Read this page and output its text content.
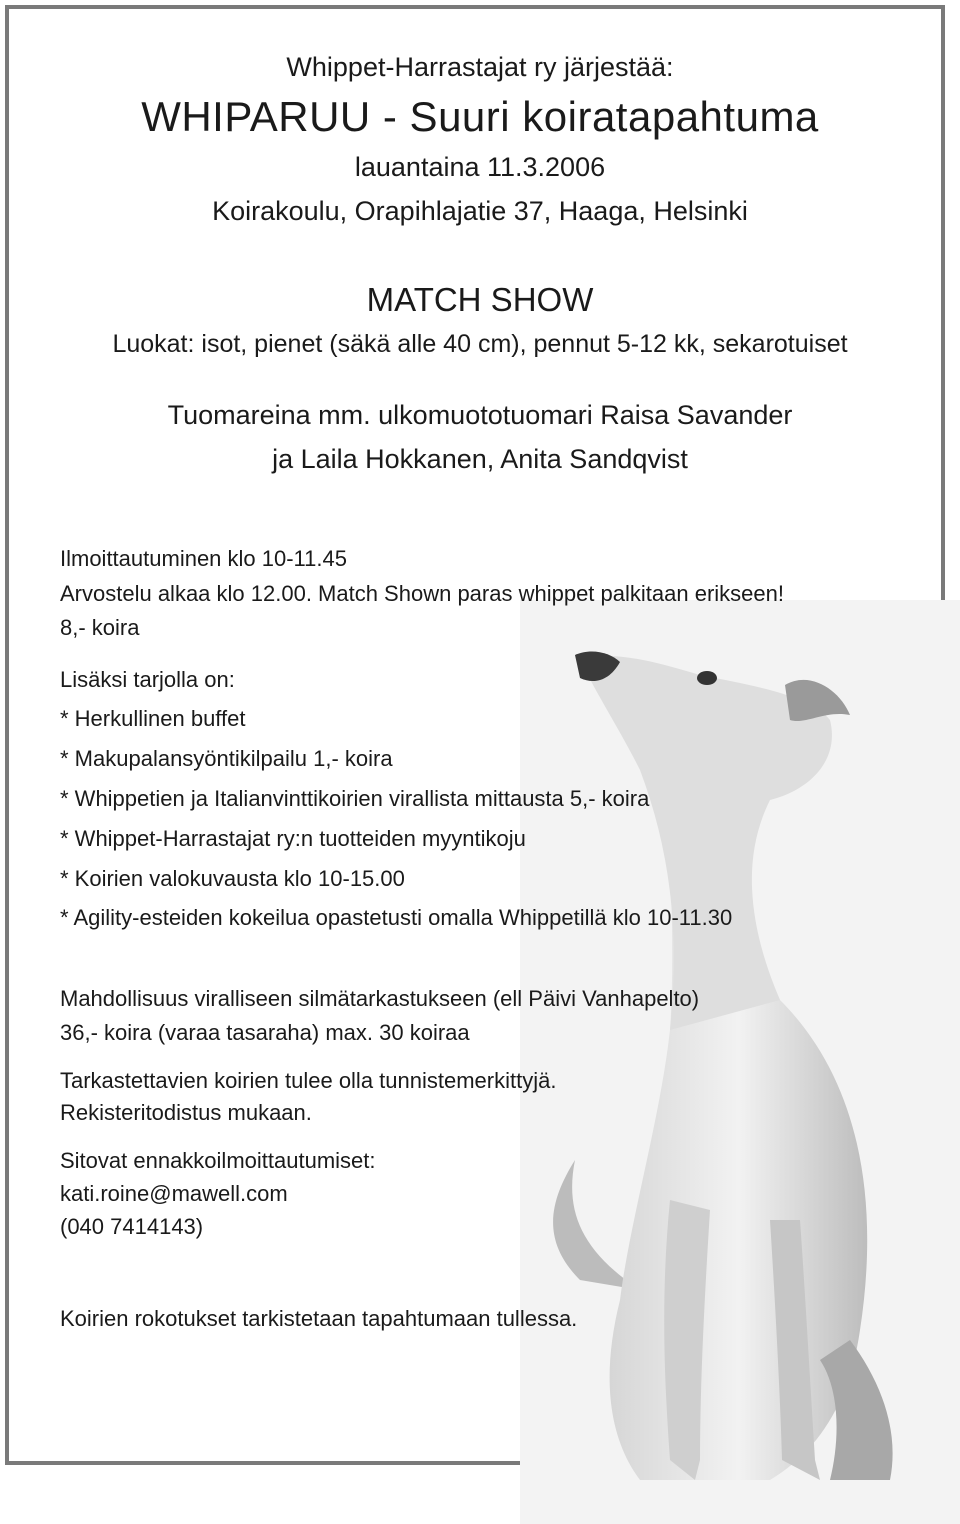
Whippet-Harrastajat ry järjestää:
WHIPARUU - Suuri koiratapahtuma
lauantaina 11.3.2006
Koirakoulu, Orapihlajatie 37, Haaga, Helsinki
MATCH SHOW
Luokat: isot, pienet (säkä alle 40 cm), pennut 5-12 kk, sekarotuiset
Tuomareina mm. ulkomuototuomari Raisa Savander
ja Laila Hokkanen, Anita Sandqvist
Ilmoittautuminen klo 10-11.45
Arvostelu alkaa klo 12.00. Match Shown paras whippet palkitaan erikseen!
8,- koira
Lisäksi tarjolla on:
* Herkullinen buffet
* Makupalansyöntikilpailu 1,- koira
* Whippetien ja Italianvinttikoirien virallista mittausta 5,- koira
* Whippet-Harrastajat ry:n tuotteiden myyntikoju
* Koirien valokuvausta klo 10-15.00
* Agility-esteiden kokeilua opastetusti omalla Whippetillä klo 10-11.30
Mahdollisuus viralliseen silmätarkastukseen (ell Päivi Vanhapelto)
36,- koira (varaa tasaraha) max. 30 koiraa
Tarkastettavien koirien tulee olla tunnistemerkittyjä.
Rekisteritodistus mukaan.
Sitovat ennakkoilmoittautumiset:
kati.roine@mawell.com
(040 7414143)
Koirien rokotukset tarkistetaan tapahtumaan tullessa.
